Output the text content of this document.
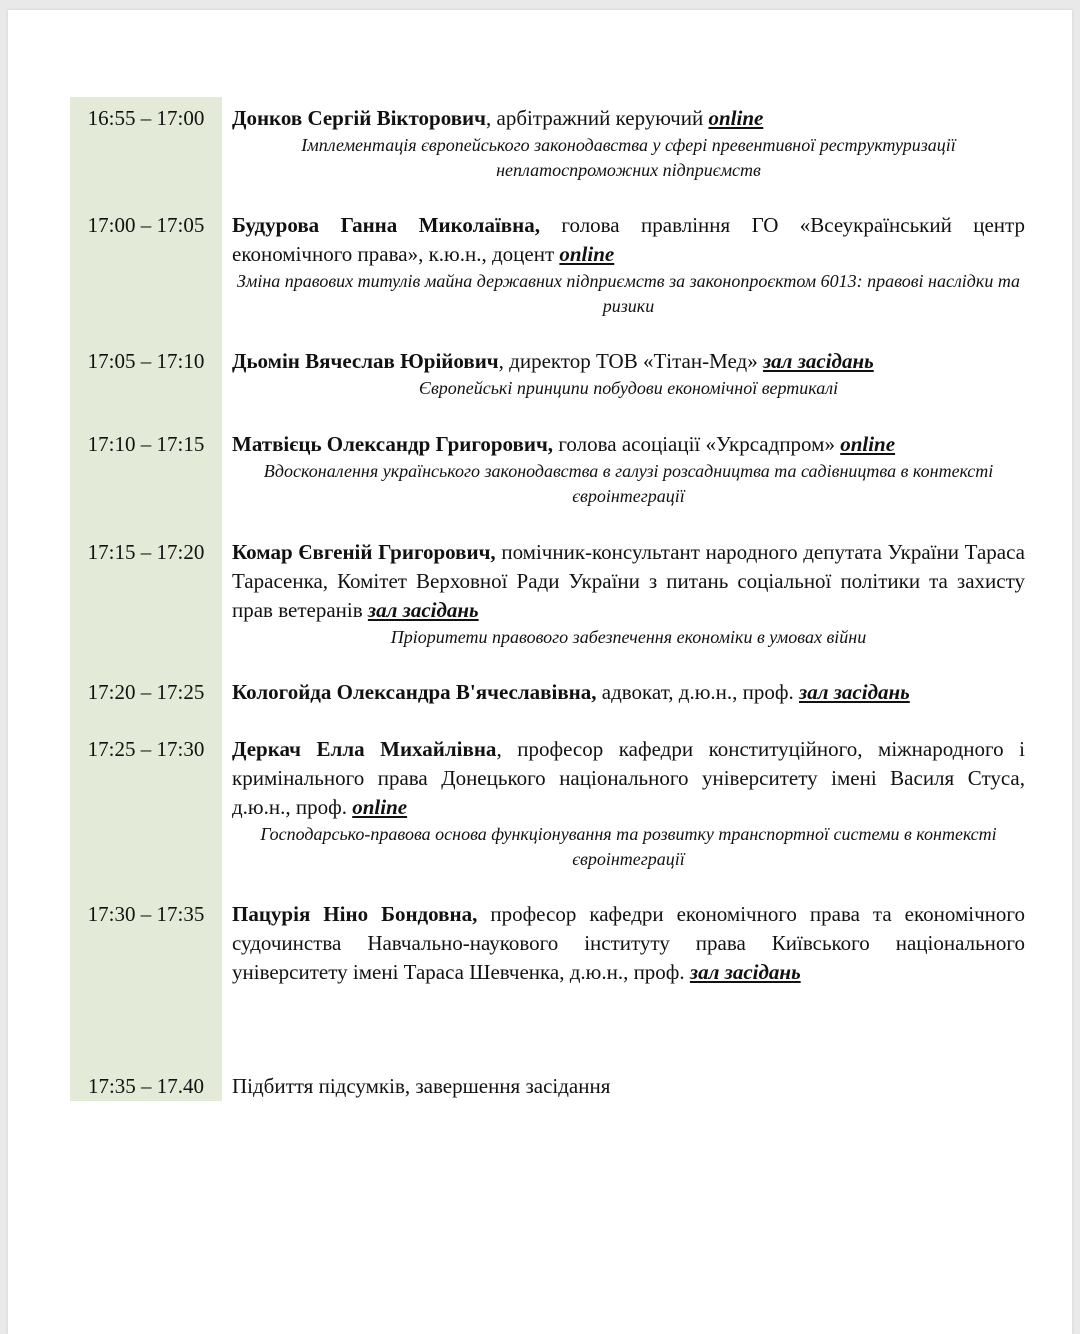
16:55 – 17:00	Донков Сергій Вікторович, арбітражний керуючий online
Імплементація європейського законодавства у сфері превентивної реструктуризації неплатоспроможних підприємств
17:00 – 17:05	Будурова Ганна Миколаївна, голова правління ГО «Всеукраїнський центр економічного права», к.ю.н., доцент online
Зміна правових титулів майна державних підприємств за законопроєктом 6013: правові наслідки та ризики
17:05 – 17:10	Дьомін Вячеслав Юрійович, директор ТОВ «Тітан-Мед» зал засідань
Європейські принципи побудови економічної вертикалі
17:10 – 17:15	Матвієць Олександр Григорович, голова асоціації «Укрсадпром» online
Вдосконалення українського законодавства в галузі розсадництва та садівництва в контексті євроінтеграції
17:15 – 17:20	Комар Євгеній Григорович, помічник-консультант народного депутата України Тараса Тарасенка, Комітет Верховної Ради України з питань соціальної політики та захисту прав ветеранів зал засідань
Пріоритети правового забезпечення економіки в умовах війни
17:20 – 17:25	Кологойда Олександра В'ячеславівна, адвокат, д.ю.н., проф. зал засідань
17:25 – 17:30	Деркач Елла Михайлівна, професор кафедри конституційного, міжнародного і кримінального права Донецького національного університету імені Василя Стуса, д.ю.н., проф. online
Господарсько-правова основа функціонування та розвитку транспортної системи в контексті євроінтеграції
17:30 – 17:35	Пацурія Ніно Бондовна, професор кафедри економічного права та економічного судочинства Навчально-наукового інституту права Київського національного університету імені Тараса Шевченка, д.ю.н., проф. зал засідань
17:35 – 17.40	Підбиття підсумків, завершення засідання
